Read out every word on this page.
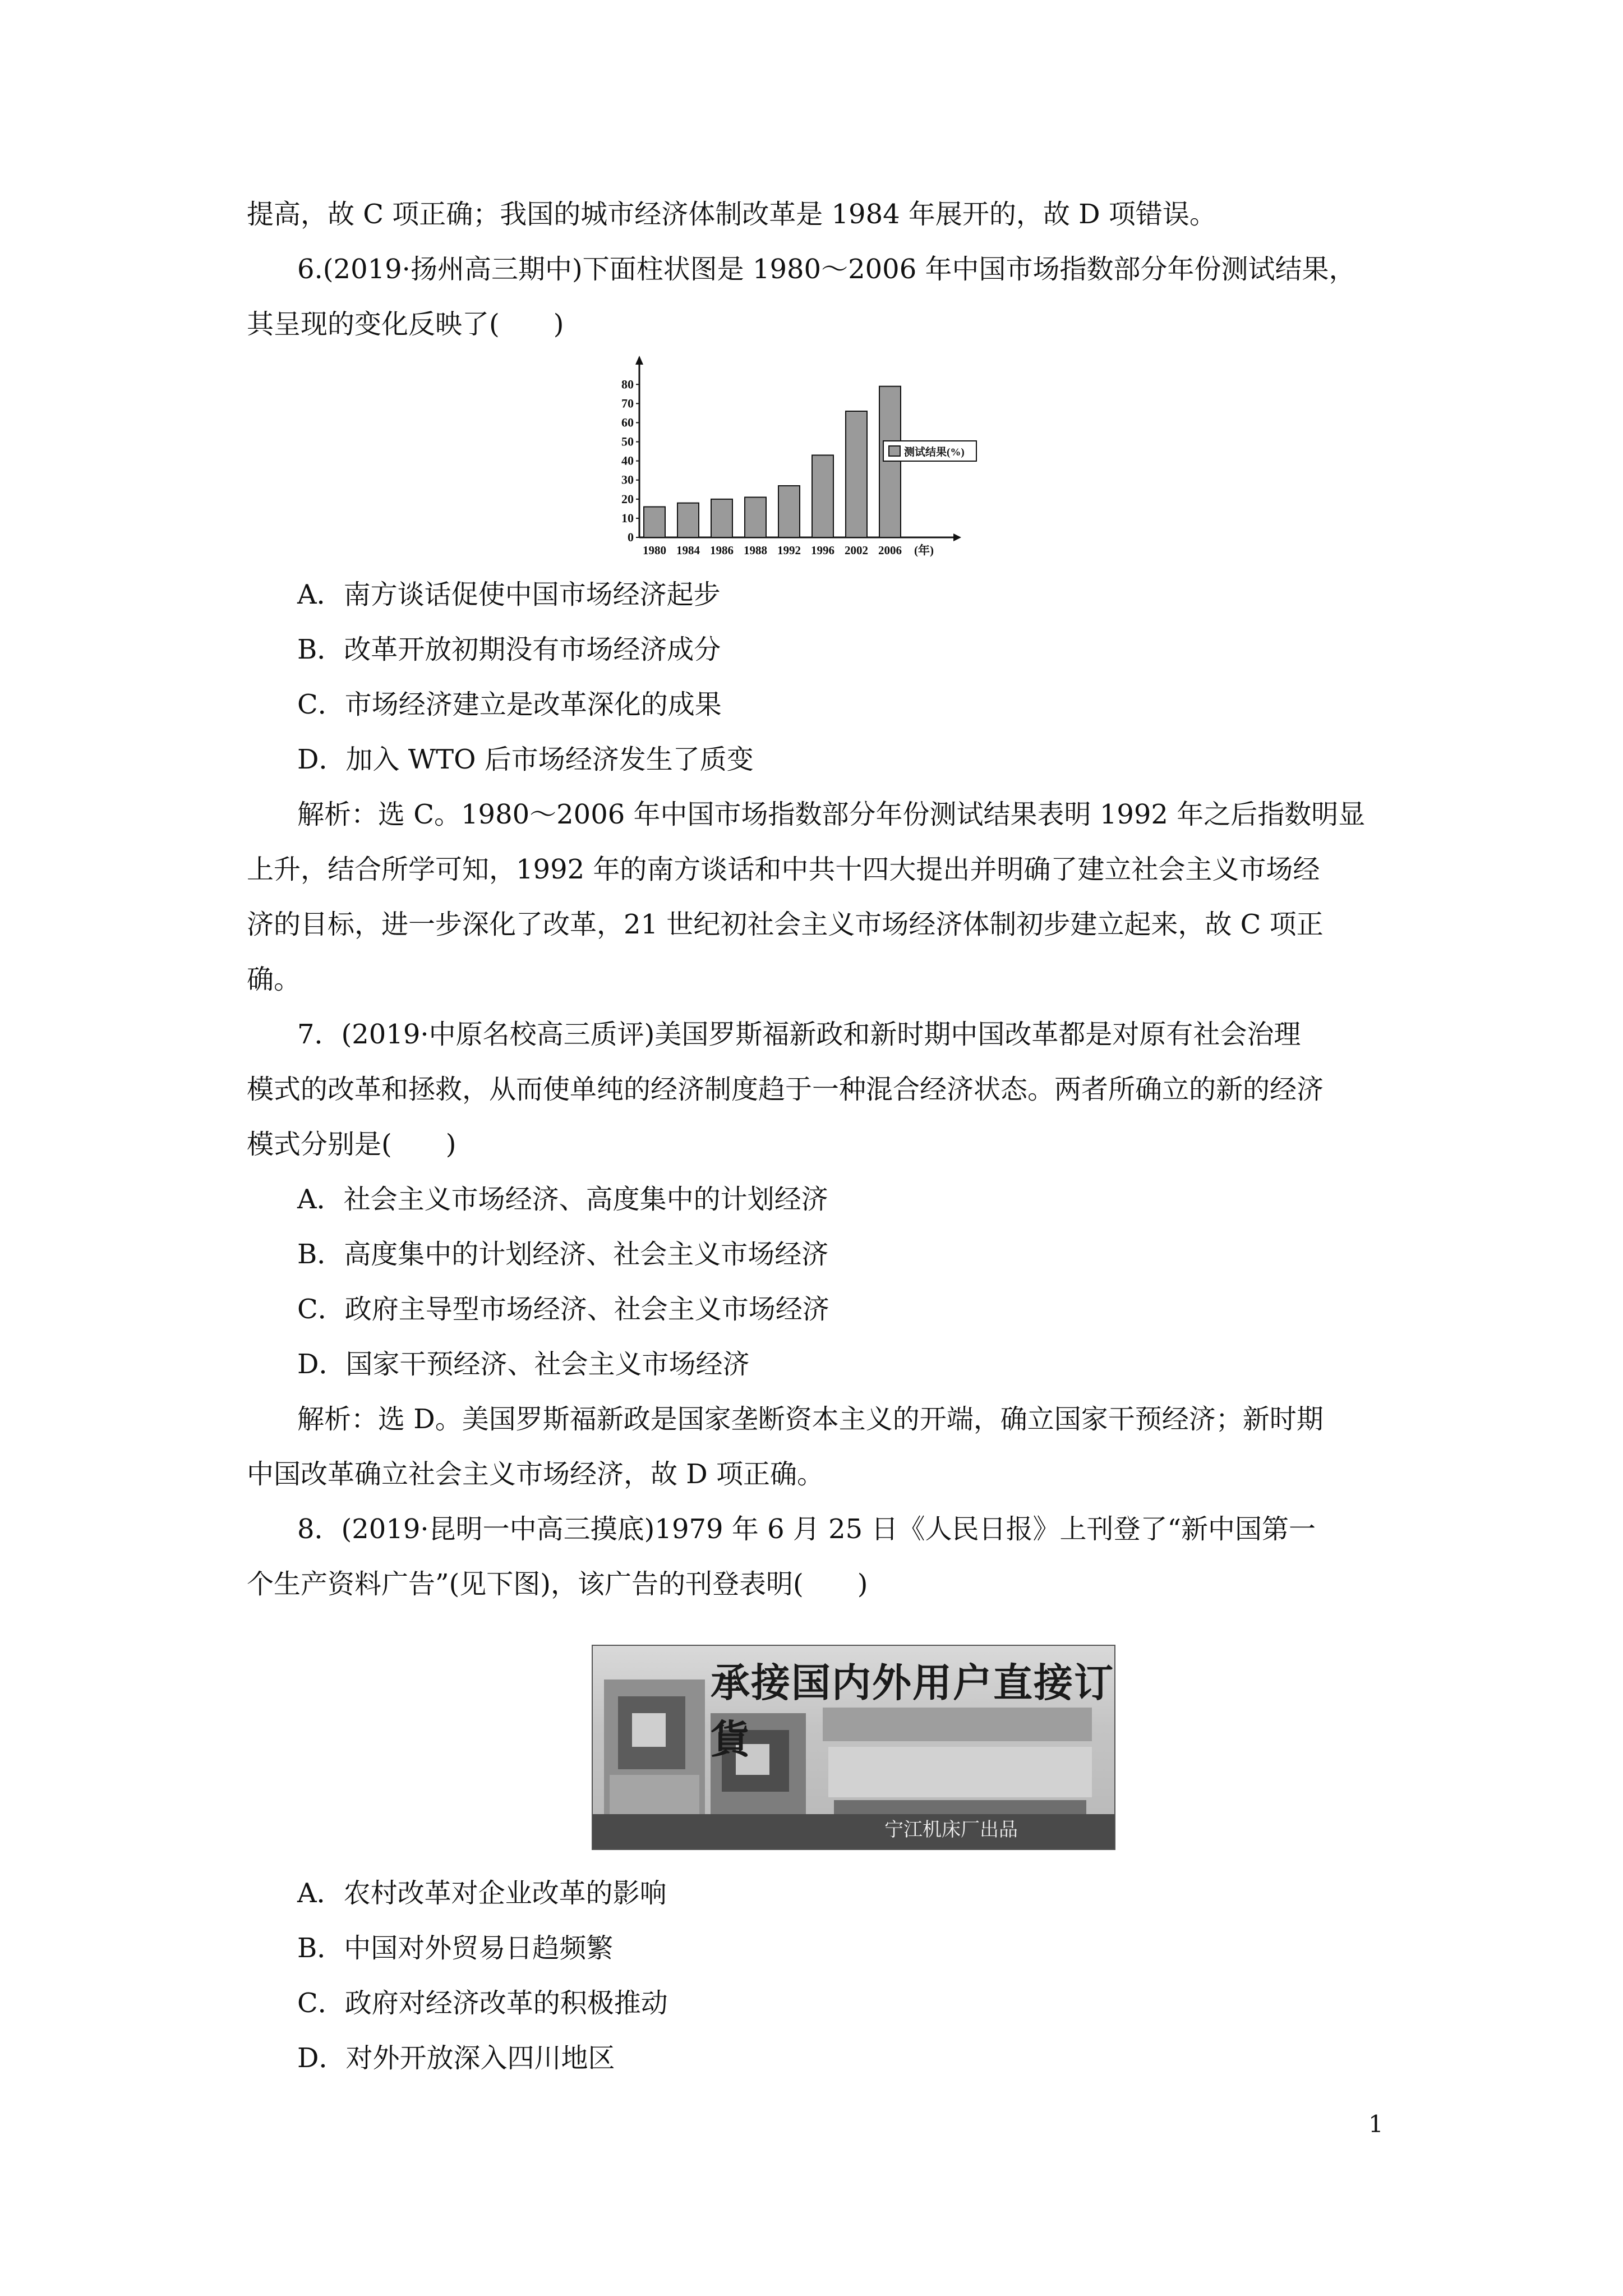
提高，故 C 项正确；我国的城市经济体制改革是 1984 年展开的，故 D 项错误。
6.(2019·扬州高三期中)下面柱状图是 1980～2006 年中国市场指数部分年份测试结果，
其呈现的变化反映了(　　)
0
10
20
30
40
50
60
70
80
1980 1984 1986 1988 1992 1996 2002 2006 (年)
测试结果(%)
A．南方谈话促使中国市场经济起步
B．改革开放初期没有市场经济成分
C．市场经济建立是改革深化的成果
D．加入 WTO 后市场经济发生了质变
解析：选 C。1980～2006 年中国市场指数部分年份测试结果表明 1992 年之后指数明显
上升，结合所学可知，1992 年的南方谈话和中共十四大提出并明确了建立社会主义市场经
济的目标，进一步深化了改革，21 世纪初社会主义市场经济体制初步建立起来，故 C 项正
确。
7．(2019·中原名校高三质评)美国罗斯福新政和新时期中国改革都是对原有社会治理
模式的改革和拯救，从而使单纯的经济制度趋于一种混合经济状态。两者所确立的新的经济
模式分别是(　　)
A．社会主义市场经济、高度集中的计划经济
B．高度集中的计划经济、社会主义市场经济
C．政府主导型市场经济、社会主义市场经济
D．国家干预经济、社会主义市场经济
解析：选 D。美国罗斯福新政是国家垄断资本主义的开端，确立国家干预经济；新时期
中国改革确立社会主义市场经济，故 D 项正确。
8．(2019·昆明一中高三摸底)1979 年 6 月 25 日《人民日报》上刊登了“新中国第一
个生产资料广告”(见下图)，该广告的刊登表明(　　)
承接国内外用户直接订貨
宁江机床厂出品
A．农村改革对企业改革的影响
B．中国对外贸易日趋频繁
C．政府对经济改革的积极推动
D．对外开放深入四川地区
1
